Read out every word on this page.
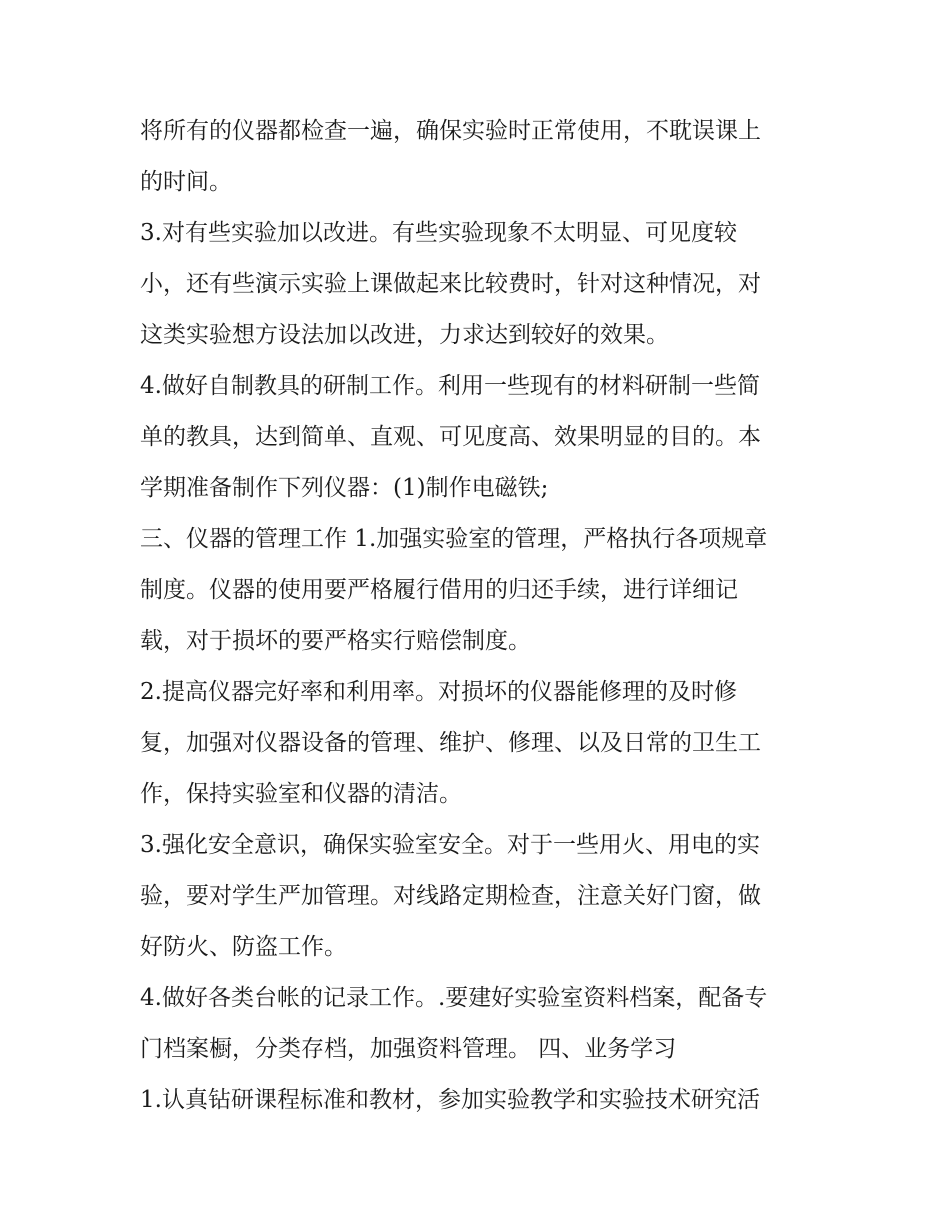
将所有的仪器都检查一遍，确保实验时正常使用，不耽误课上
的时间。
3.对有些实验加以改进。有些实验现象不太明显、可见度较
小，还有些演示实验上课做起来比较费时，针对这种情况，对
这类实验想方设法加以改进，力求达到较好的效果。
4.做好自制教具的研制工作。利用一些现有的材料研制一些简
单的教具，达到简单、直观、可见度高、效果明显的目的。本
学期准备制作下列仪器：(1)制作电磁铁;
三、仪器的管理工作 1.加强实验室的管理，严格执行各项规章
制度。仪器的使用要严格履行借用的归还手续，进行详细记
载，对于损坏的要严格实行赔偿制度。
2.提高仪器完好率和利用率。对损坏的仪器能修理的及时修
复，加强对仪器设备的管理、维护、修理、以及日常的卫生工
作，保持实验室和仪器的清洁。
3.强化安全意识，确保实验室安全。对于一些用火、用电的实
验，要对学生严加管理。对线路定期检查，注意关好门窗，做
好防火、防盗工作。
4.做好各类台帐的记录工作。.要建好实验室资料档案，配备专
门档案橱，分类存档，加强资料管理。 四、业务学习
1.认真钻研课程标准和教材，参加实验教学和实验技术研究活
